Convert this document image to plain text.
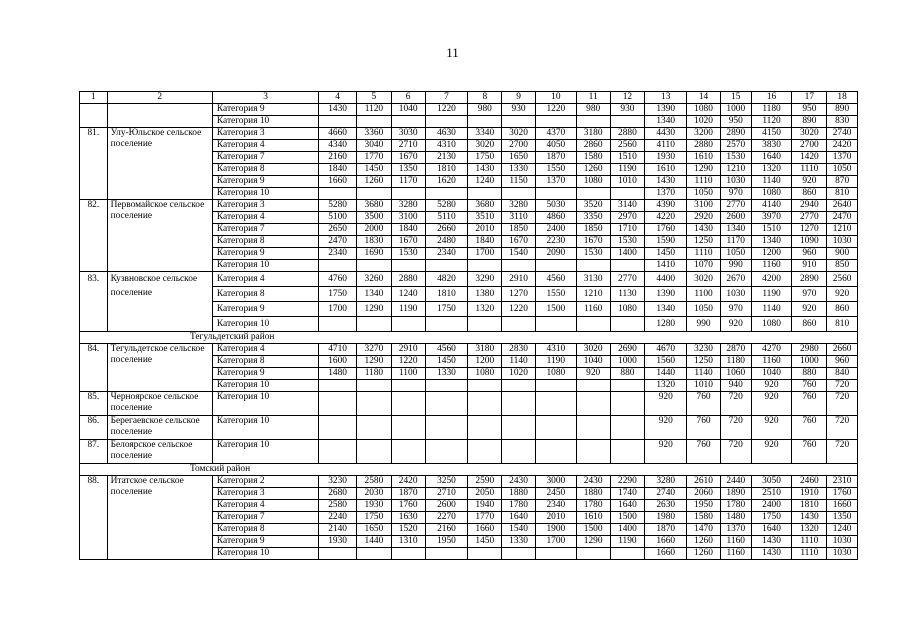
11
1	2	3	4	5	6	7	8	9	10	11	12	13	14	15	16	17	18
		Категория 9	1430	1120	1040	1220	980	930	1220	980	930	1390	1080	1000	1180	950	890
		Категория 10										1340	1020	950	1120	890	830
81.	Улу-Юльское сельское поселение	Категория 3	4660	3360	3030	4630	3340	3020	4370	3180	2880	4430	3200	2890	4150	3020	2740
		Категория 4	4340	3040	2710	4310	3020	2700	4050	2860	2560	4110	2880	2570	3830	2700	2420
		Категория 7	2160	1770	1670	2130	1750	1650	1870	1580	1510	1930	1610	1530	1640	1420	1370
		Категория 8	1840	1450	1350	1810	1430	1330	1550	1260	1190	1610	1290	1210	1320	1110	1050
		Категория 9	1660	1260	1170	1620	1240	1150	1370	1080	1010	1430	1110	1030	1140	920	870
		Категория 10										1370	1050	970	1080	860	810
82.	Первомайское сельское поселение	Категория 3	5280	3680	3280	5280	3680	3280	5030	3520	3140	4390	3100	2770	4140	2940	2640
		Категория 4	5100	3500	3100	5110	3510	3110	4860	3350	2970	4220	2920	2600	3970	2770	2470
		Категория 7	2650	2000	1840	2660	2010	1850	2400	1850	1710	1760	1430	1340	1510	1270	1210
		Категория 8	2470	1830	1670	2480	1840	1670	2230	1670	1530	1590	1250	1170	1340	1090	1030
		Категория 9	2340	1690	1530	2340	1700	1540	2090	1530	1400	1450	1110	1050	1200	960	900
		Категория 10										1410	1070	990	1160	910	850
83.	Кузвновское сельское поселение	Категория 4	4760	3260	2880	4820	3290	2910	4560	3130	2770	4400	3020	2670	4200	2890	2560
		Категория 8	1750	1340	1240	1810	1380	1270	1550	1210	1130	1390	1100	1030	1190	970	920
		Категория 9	1700	1290	1190	1750	1320	1220	1500	1160	1080	1340	1050	970	1140	920	860
		Категория 10										1280	990	920	1080	860	810
Тегульдетский район																	
84.	Тегульдетское сельское поселение	Категория 4	4710	3270	2910	4560	3180	2830	4310	3020	2690	4670	3230	2870	4270	2980	2660
		Категория 8	1600	1290	1220	1450	1200	1140	1190	1040	1000	1560	1250	1180	1160	1000	960
		Категория 9	1480	1180	1100	1330	1080	1020	1080	920	880	1440	1140	1060	1040	880	840
		Категория 10										1320	1010	940	920	760	720
85.	Чернoярское сельское поселение	Категория 10										920	760	720	920	760	720
86.	Берегаевское сельское поселение	Категория 10										920	760	720	920	760	720
87.	Белоярское сельское поселение	Категория 10										920	760	720	920	760	720
Томский район																	
88.	Итатское сельское поселение	Категория 2	3230	2580	2420	3250	2590	2430	3000	2430	2290	3280	2610	2440	3050	2460	2310
		Категория 3	2680	2030	1870	2710	2050	1880	2450	1880	1740	2740	2060	1890	2510	1910	1760
		Категория 4	2580	1930	1760	2600	1940	1780	2340	1780	1640	2630	1950	1780	2400	1810	1660
		Категория 7	2240	1750	1630	2270	1770	1640	2010	1610	1500	1980	1580	1480	1750	1430	1350
		Категория 8	2140	1650	1520	2160	1660	1540	1900	1500	1400	1870	1470	1370	1640	1320	1240
		Категория 9	1930	1440	1310	1950	1450	1330	1700	1290	1190	1660	1260	1160	1430	1110	1030
		Категория 10										1660	1260	1160	1430	1110	1030
